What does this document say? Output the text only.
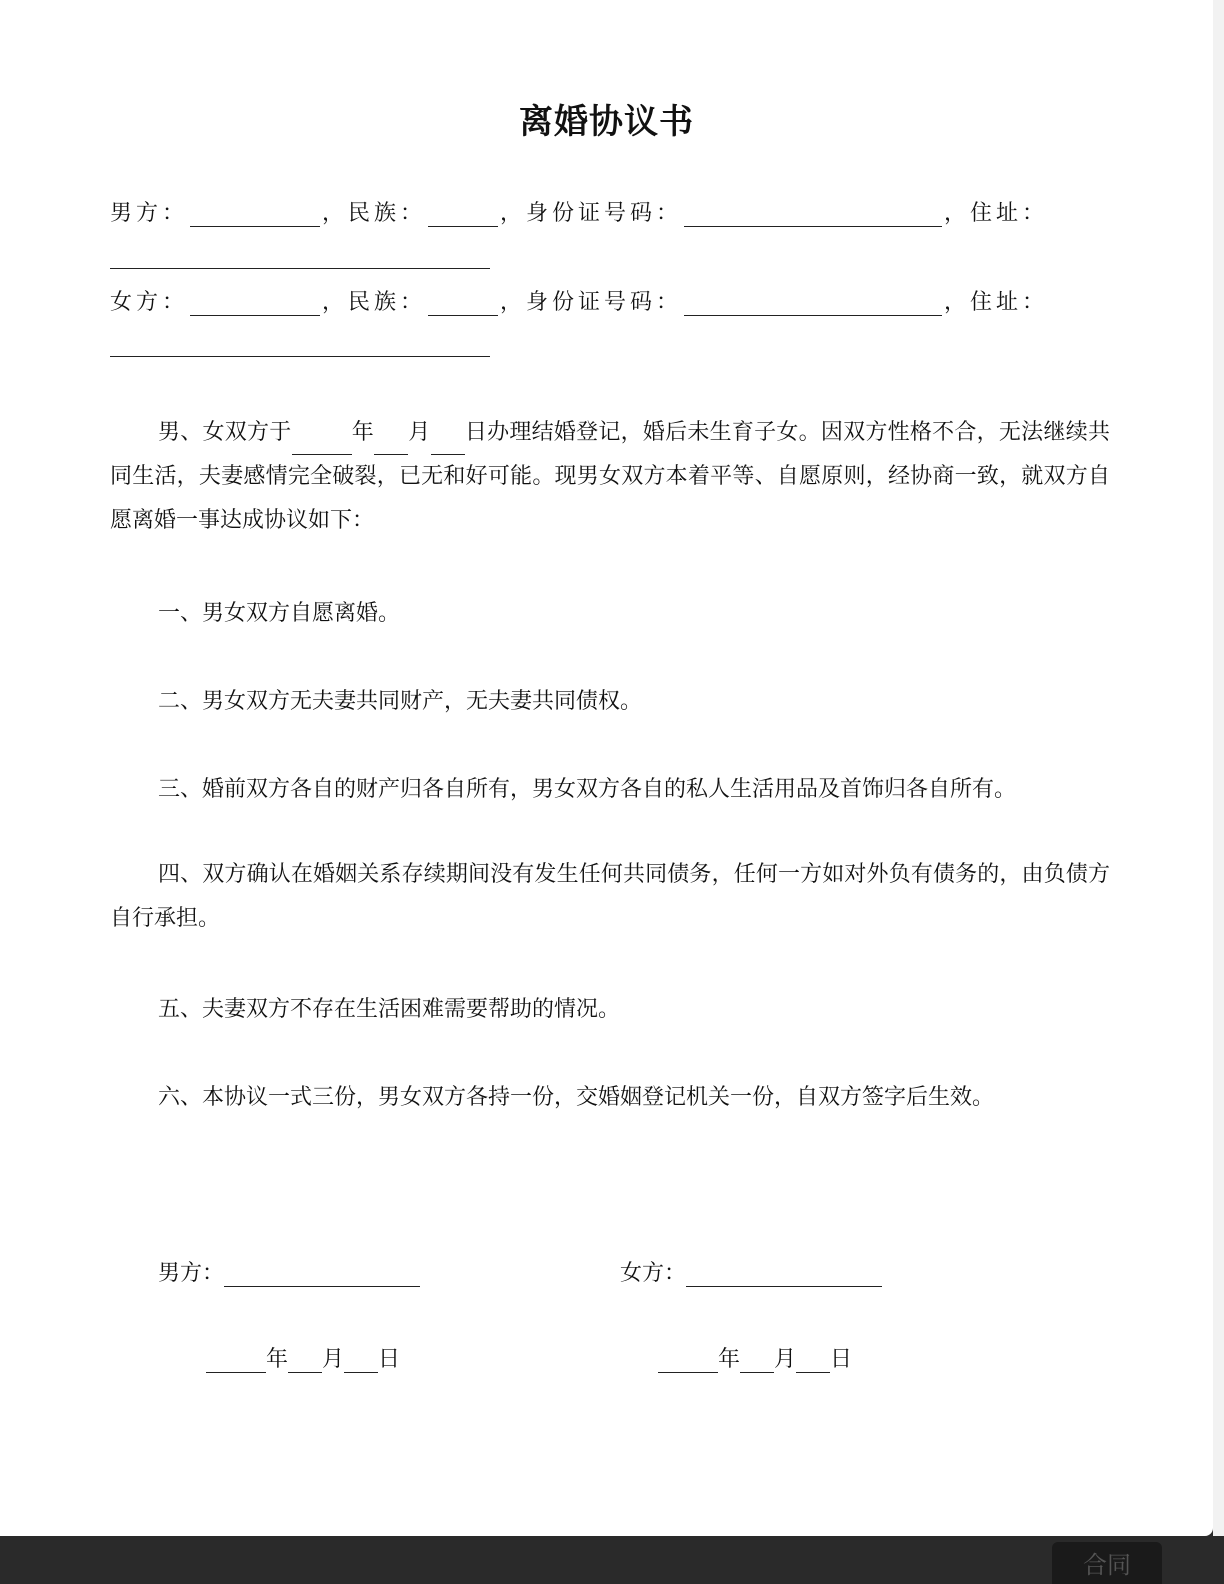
离婚协议书
男方：	，民族：	，身份证号码：	，住址：
女方：	，民族：	，身份证号码：	，住址：
男、女双方于	年 月 日办理结婚登记，婚后未生育子女。因双方性格不合，无法继续共同生活，夫妻感情完全破裂，已无和好可能。现男女双方本着平等、自愿原则，经协商一致，就双方自愿离婚一事达成协议如下：
一、男女双方自愿离婚。
二、男女双方无夫妻共同财产，无夫妻共同债权。
三、婚前双方各自的财产归各自所有，男女双方各自的私人生活用品及首饰归各自所有。
四、双方确认在婚姻关系存续期间没有发生任何共同债务，任何一方如对外负有债务的，由负债方自行承担。
五、夫妻双方不存在生活困难需要帮助的情况。
六、本协议一式三份，男女双方各持一份，交婚姻登记机关一份，自双方签字后生效。
男方：	女方：
年 月 日	年 月 日
合同
